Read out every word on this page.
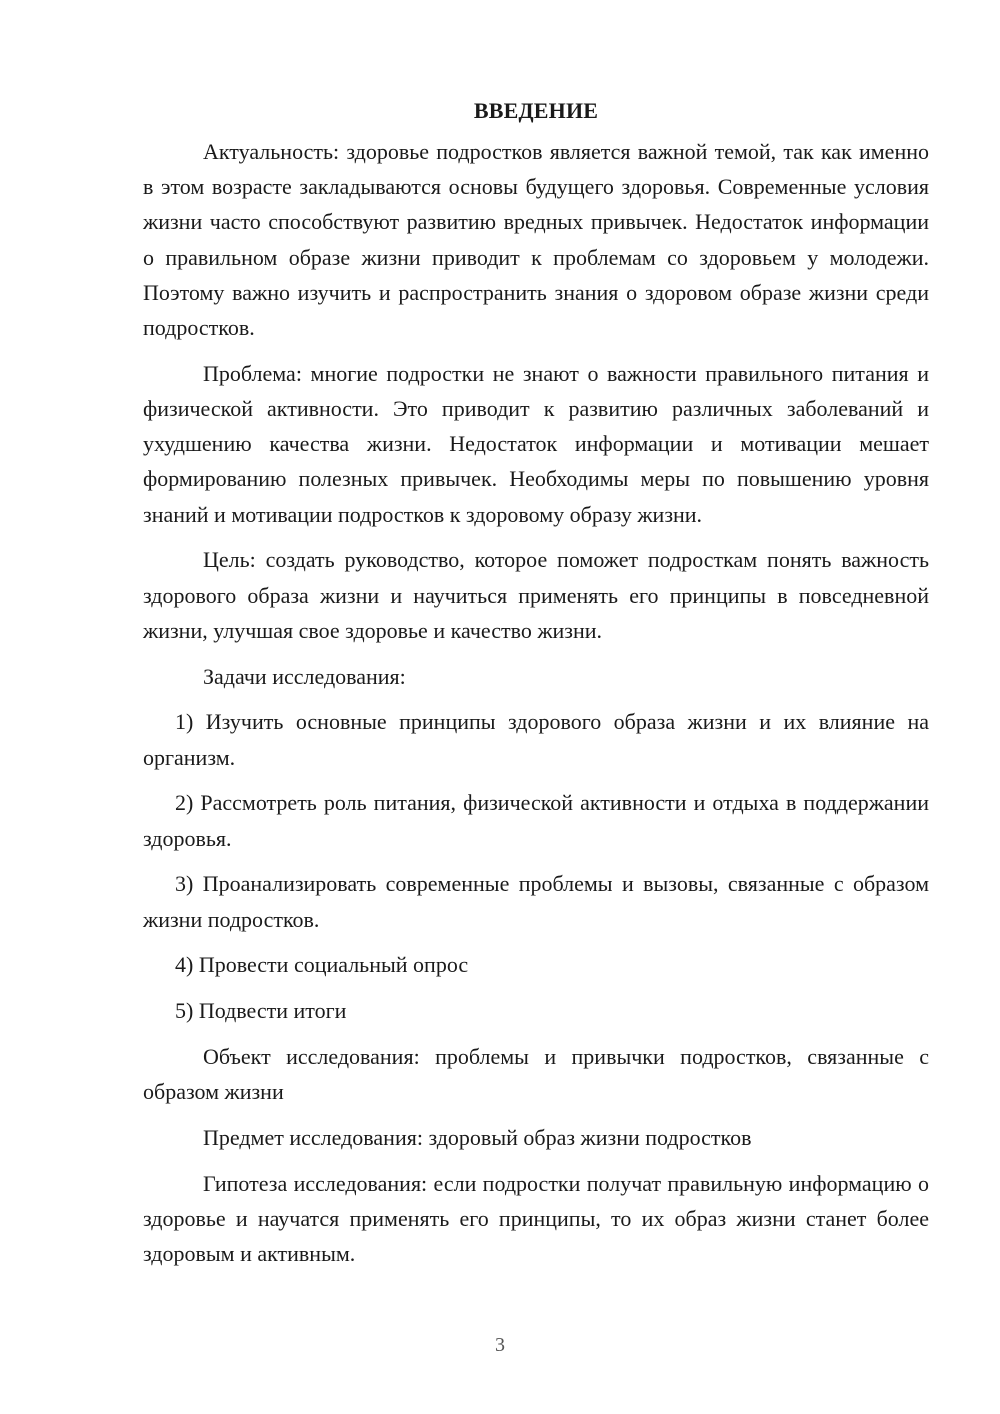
ВВЕДЕНИЕ

Актуальность: здоровье подростков является важной темой, так как именно в этом возрасте закладываются основы будущего здоровья. Современные условия жизни часто способствуют развитию вредных привычек. Недостаток информации о правильном образе жизни приводит к проблемам со здоровьем у молодежи. Поэтому важно изучить и распространить знания о здоровом образе жизни среди подростков.

Проблема: многие подростки не знают о важности правильного питания и физической активности. Это приводит к развитию различных заболеваний и ухудшению качества жизни. Недостаток информации и мотивации мешает формированию полезных привычек. Необходимы меры по повышению уровня знаний и мотивации подростков к здоровому образу жизни.

Цель: создать руководство, которое поможет подросткам понять важность здорового образа жизни и научиться применять его принципы в повседневной жизни, улучшая свое здоровье и качество жизни.

Задачи исследования:

1) Изучить основные принципы здорового образа жизни и их влияние на организм.

2) Рассмотреть роль питания, физической активности и отдыха в поддержании здоровья.

3) Проанализировать современные проблемы и вызовы, связанные с образом жизни подростков.

4) Провести социальный опрос

5) Подвести итоги

Объект исследования: проблемы и привычки подростков, связанные с образом жизни

Предмет исследования: здоровый образ жизни подростков

Гипотеза исследования: если подростки получат правильную информацию о здоровье и научатся применять его принципы, то их образ жизни станет более здоровым и активным.

3
